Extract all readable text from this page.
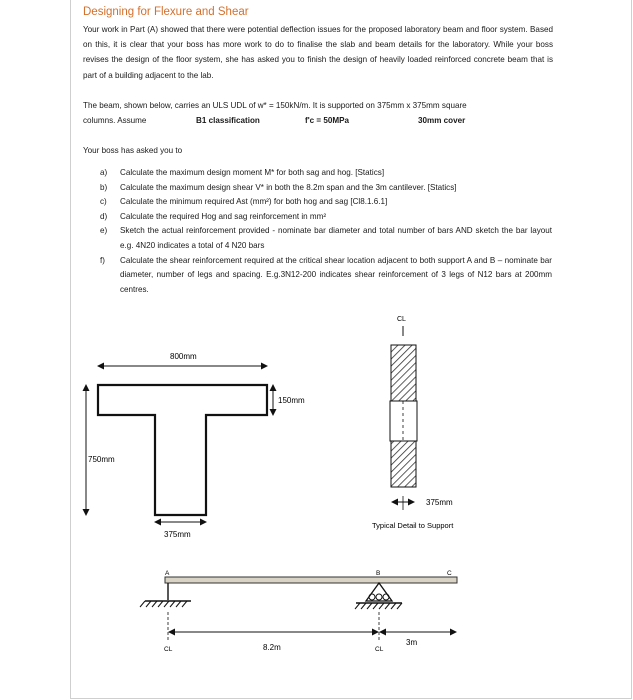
Designing for Flexure and Shear
Your work in Part (A) showed that there were potential deflection issues for the proposed laboratory beam and floor system. Based on this, it is clear that your boss has more work to do to finalise the slab and beam details for the laboratory. While your boss revises the design of the floor system, she has asked you to finish the design of heavily loaded reinforced concrete beam that is part of a building adjacent to the lab.
The beam, shown below, carries an ULS UDL of w* = 150kN/m. It is supported on 375mm x 375mm square
columns. Assume	B1 classification	f'c = 50MPa	30mm cover
Your boss has asked you to
a) Calculate the maximum design moment M* for both sag and hog. [Statics]
b) Calculate the maximum design shear V* in both the 8.2m span and the 3m cantilever. [Statics]
c) Calculate the minimum required Ast (mm²) for both hog and sag [Cl8.1.6.1]
d) Calculate the required Hog and sag reinforcement in mm²
e) Sketch the actual reinforcement provided - nominate bar diameter and total number of bars AND sketch the bar layout e.g. 4N20 indicates a total of 4 N20 bars
f) Calculate the shear reinforcement required at the critical shear location adjacent to both support A and B – nominate bar diameter, number of legs and spacing. E.g.3N12-200 indicates shear reinforcement of 3 legs of N12 bars at 200mm centres.
800mm
150mm
750mm
375mm
CL
375mm
Typical Detail to Support
A	B	C
CL	CL
8.2m
3m
